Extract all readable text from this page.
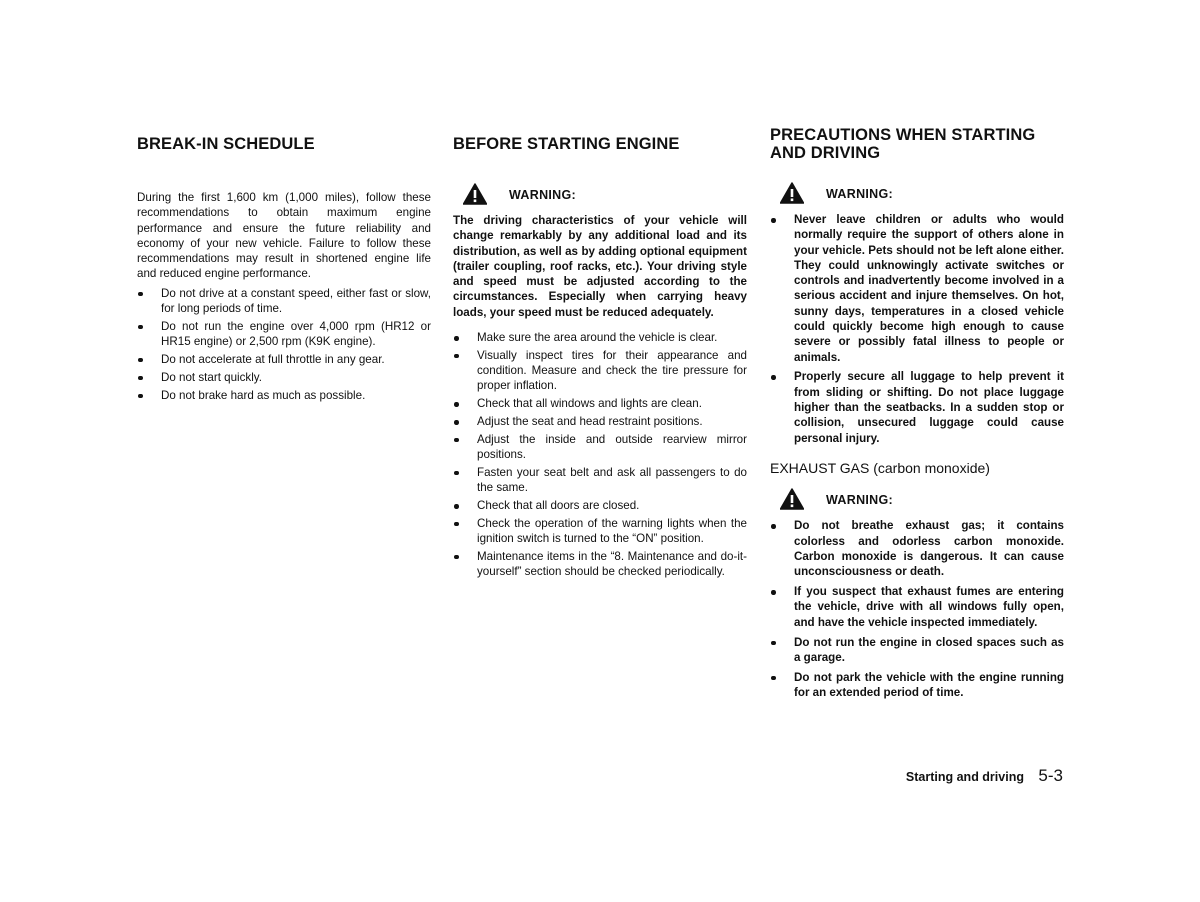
BREAK-IN SCHEDULE

During the first 1,600 km (1,000 miles), follow these recommendations to obtain maximum engine performance and ensure the future reliability and economy of your new vehicle. Failure to follow these recommendations may result in shortened engine life and reduced engine performance.

Do not drive at a constant speed, either fast or slow, for long periods of time.
Do not run the engine over 4,000 rpm (HR12 or HR15 engine) or 2,500 rpm (K9K engine).
Do not accelerate at full throttle in any gear.
Do not start quickly.
Do not brake hard as much as possible.
BEFORE STARTING ENGINE
WARNING:

The driving characteristics of your vehicle will change remarkably by any additional load and its distribution, as well as by adding optional equipment (trailer coupling, roof racks, etc.). Your driving style and speed must be adjusted according to the circumstances. Especially when carrying heavy loads, your speed must be reduced adequately.

Make sure the area around the vehicle is clear.
Visually inspect tires for their appearance and condition. Measure and check the tire pressure for proper inflation.
Check that all windows and lights are clean.
Adjust the seat and head restraint positions.
Adjust the inside and outside rearview mirror positions.
Fasten your seat belt and ask all passengers to do the same.
Check that all doors are closed.
Check the operation of the warning lights when the ignition switch is turned to the “ON” position.
Maintenance items in the “8. Maintenance and do-it-yourself” section should be checked periodically.
PRECAUTIONS WHEN STARTING
AND DRIVING
WARNING:
Never leave children or adults who would normally require the support of others alone in your vehicle. Pets should not be left alone either. They could unknowingly activate switches or controls and inadvertently become involved in a serious accident and injure themselves. On hot, sunny days, temperatures in a closed vehicle could quickly become high enough to cause severe or possibly fatal illness to people or animals.
Properly secure all luggage to help prevent it from sliding or shifting. Do not place luggage higher than the seatbacks. In a sudden stop or collision, unsecured luggage could cause personal injury.

EXHAUST GAS (carbon monoxide)

WARNING:
Do not breathe exhaust gas; it contains colorless and odorless carbon monoxide. Carbon monoxide is dangerous. It can cause unconsciousness or death.
If you suspect that exhaust fumes are entering the vehicle, drive with all windows fully open, and have the vehicle inspected immediately.
Do not run the engine in closed spaces such as a garage.
Do not park the vehicle with the engine running for an extended period of time.
Starting and driving 5-3
